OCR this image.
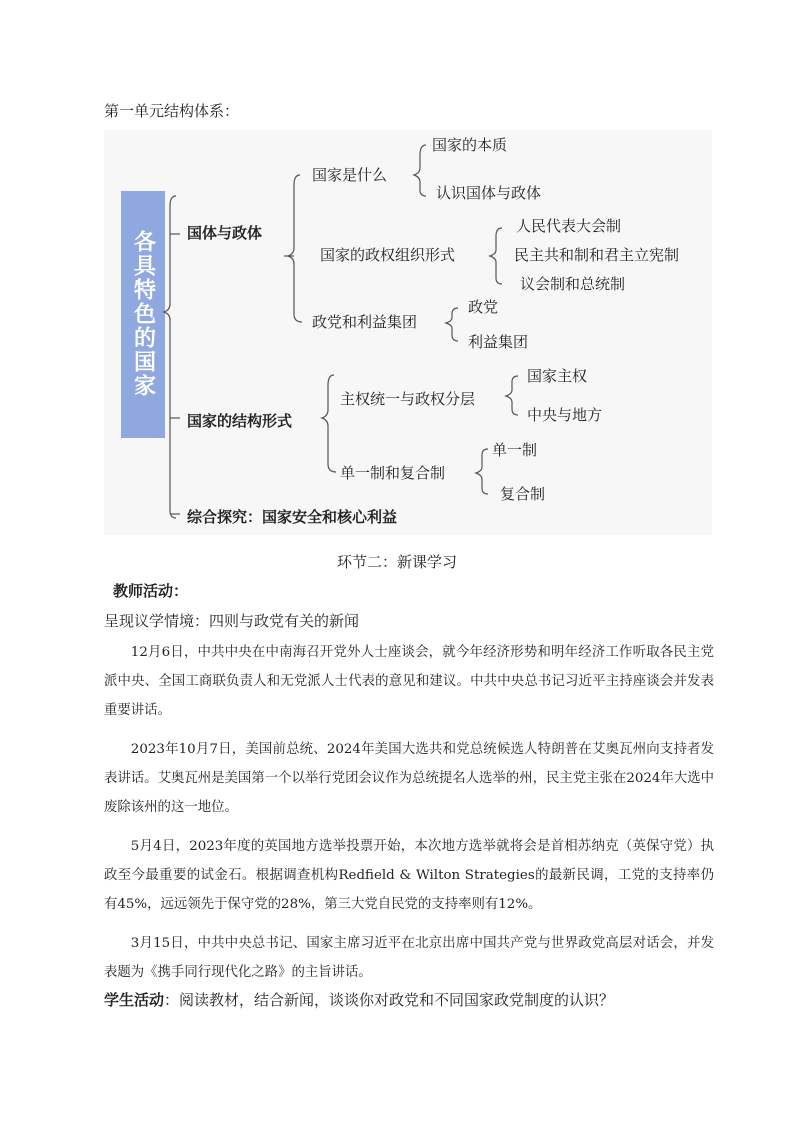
第一单元结构体系：
各具特色的国家 国体与政体
国家的结构形式
综合探究：国家安全和核心利益
国家是什么
国家的政权组织形式
政党和利益集团
主权统一与政权分层
单一制和复合制
国家的本质
认识国体与政体
人民代表大会制
民主共和制和君主立宪制
议会制和总统制
政党
利益集团
国家主权
中央与地方
单一制
复合制
环节二：新课学习
教师活动：
呈现议学情境：四则与政党有关的新闻
12月6日，中共中央在中南海召开党外人士座谈会，就今年经济形势和明年经济工作听取各民主党派中央、全国工商联负责人和无党派人士代表的意见和建议。中共中央总书记习近平主持座谈会并发表重要讲话。
2023年10月7日，美国前总统、2024年美国大选共和党总统候选人特朗普在艾奥瓦州向支持者发表讲话。艾奥瓦州是美国第一个以举行党团会议作为总统提名人选举的州，民主党主张在2024年大选中废除该州的这一地位。
5月4日，2023年度的英国地方选举投票开始，本次地方选举就将会是首相苏纳克（英保守党）执政至今最重要的试金石。根据调查机构Redfield & Wilton Strategies的最新民调，工党的支持率仍有45%，远远领先于保守党的28%，第三大党自民党的支持率则有12%。
3月15日，中共中央总书记、国家主席习近平在北京出席中国共产党与世界政党高层对话会，并发表题为《携手同行现代化之路》的主旨讲话。
学生活动：阅读教材，结合新闻，谈谈你对政党和不同国家政党制度的认识？
